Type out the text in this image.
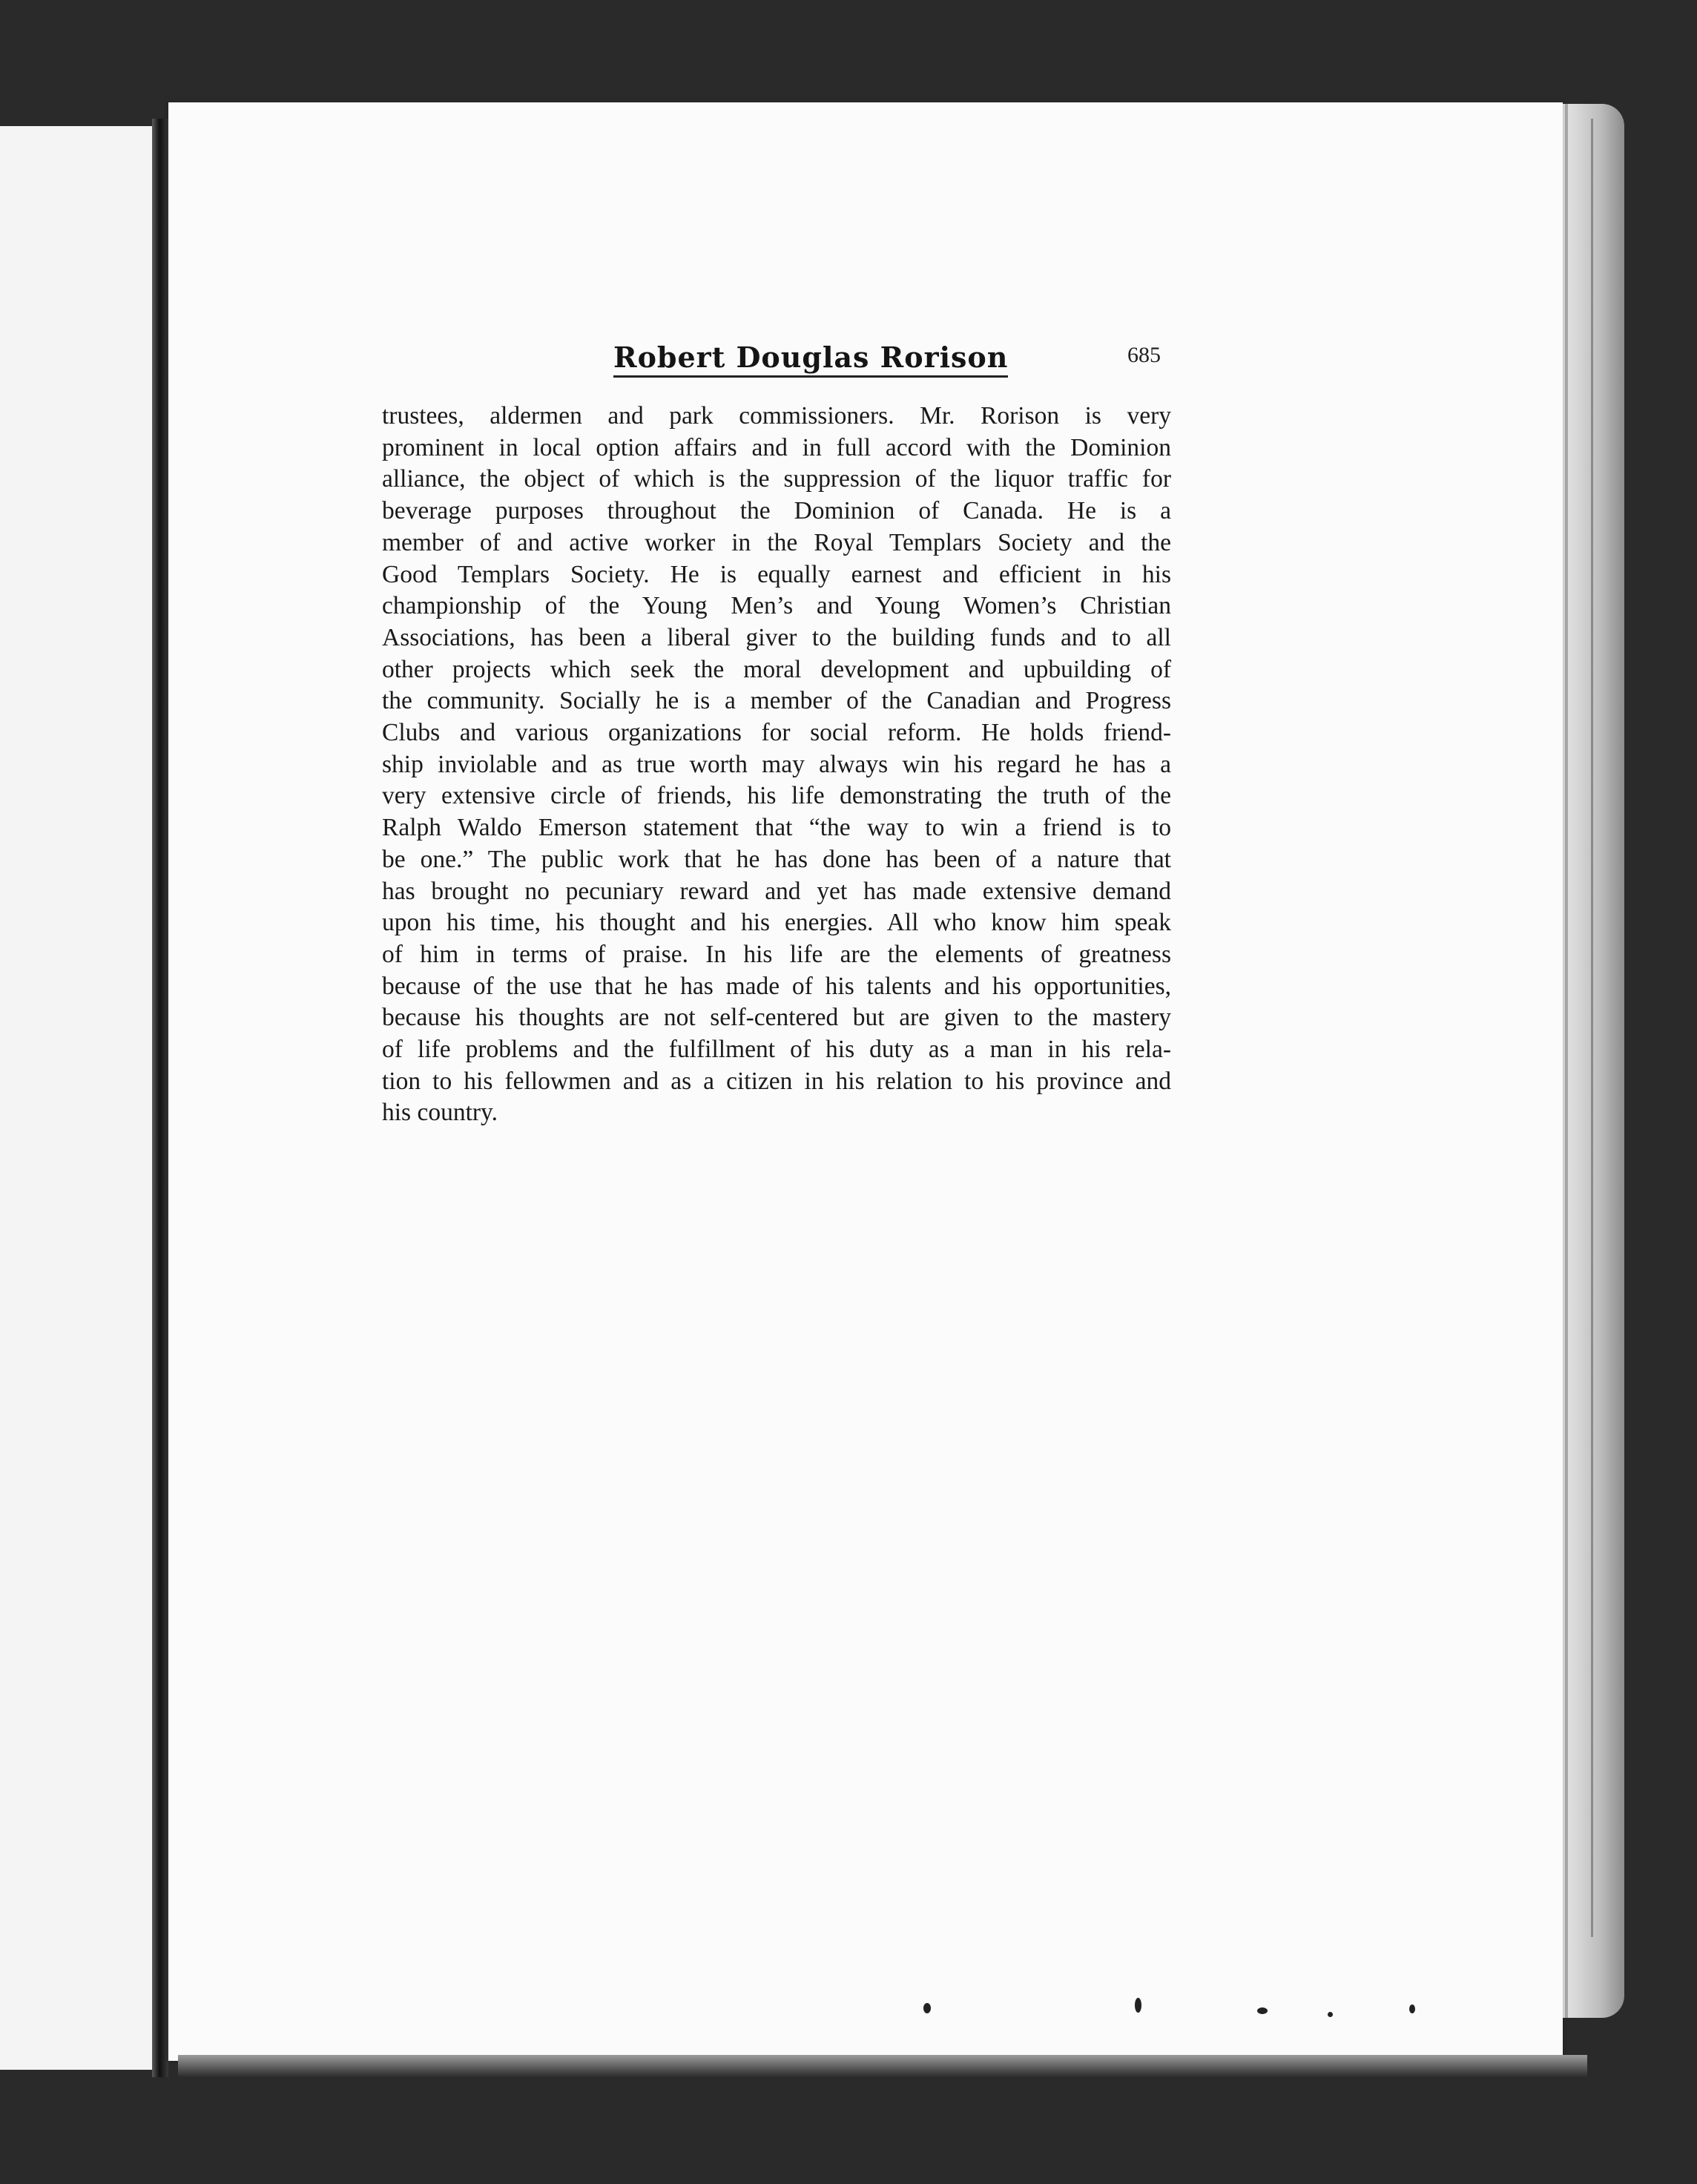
Robert Douglas Rorison	685
trustees, aldermen and park commissioners. Mr. Rorison is very
prominent in local option affairs and in full accord with the Dominion
alliance, the object of which is the suppression of the liquor traffic for
beverage purposes throughout the Dominion of Canada. He is a
member of and active worker in the Royal Templars Society and the
Good Templars Society. He is equally earnest and efficient in his
championship of the Young Men’s and Young Women’s Christian
Associations, has been a liberal giver to the building funds and to all
other projects which seek the moral development and upbuilding of
the community. Socially he is a member of the Canadian and Progress
Clubs and various organizations for social reform. He holds friend-
ship inviolable and as true worth may always win his regard he has a
very extensive circle of friends, his life demonstrating the truth of the
Ralph Waldo Emerson statement that “the way to win a friend is to
be one.” The public work that he has done has been of a nature that
has brought no pecuniary reward and yet has made extensive demand
upon his time, his thought and his energies. All who know him speak
of him in terms of praise. In his life are the elements of greatness
because of the use that he has made of his talents and his opportunities,
because his thoughts are not self-centered but are given to the mastery
of life problems and the fulfillment of his duty as a man in his rela-
tion to his fellowmen and as a citizen in his relation to his province and
his country.
